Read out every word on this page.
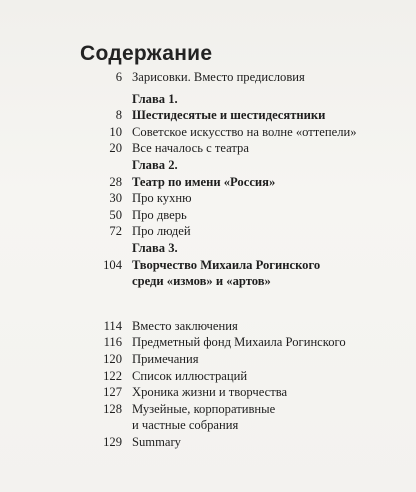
Содержание
6 Зарисовки. Вместо предисловия
Глава 1.
8 Шестидесятые и шестидесятники
10 Советское искусство на волне «оттепели»
20 Все началось с театра
Глава 2.
28 Театр по имени «Россия»
30 Про кухню
50 Про дверь
72 Про людей
Глава 3.
104 Творчество Михаила Рогинского
среди «измов» и «артов»
114 Вместо заключения
116 Предметный фонд Михаила Рогинского
120 Примечания
122 Список иллюстраций
127 Хроника жизни и творчества
128 Музейные, корпоративные
и частные собрания
129 Summary
